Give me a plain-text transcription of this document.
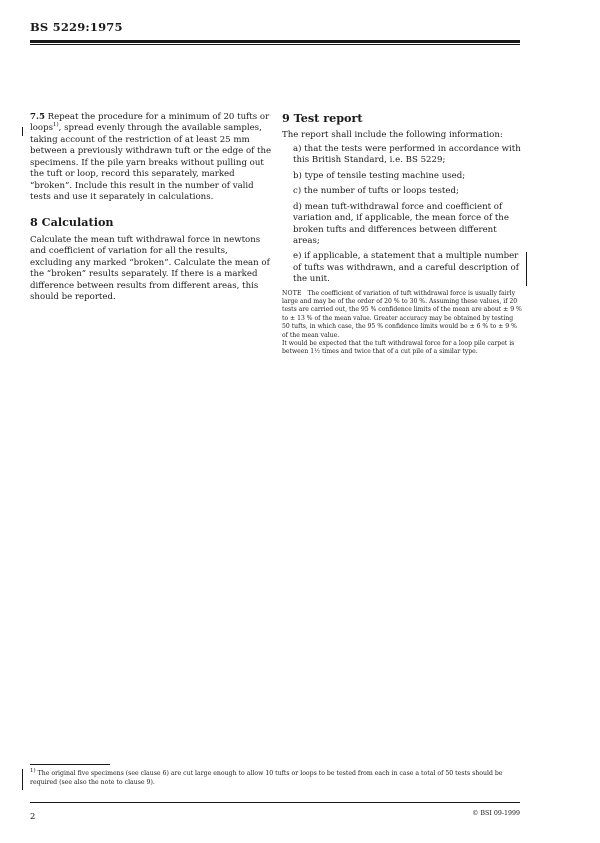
BS 5229:1975

7.5 Repeat the procedure for a minimum of 20 tufts or loops$^{1)}$, spread evenly through the available samples, taking account of the restriction of at least 25 mm between a previously withdrawn tuft or the edge of the specimens. If the pile yarn breaks without pulling out the tuft or loop, record this separately, marked “broken”. Include this result in the number of valid tests and use it separately in calculations.

8 Calculation

Calculate the mean tuft withdrawal force in newtons and coefficient of variation for all the results, excluding any marked “broken”. Calculate the mean of the “broken” results separately. If there is a marked difference between results from different areas, this should be reported.

9 Test report

The report shall include the following information:

a) that the tests were performed in accordance with this British Standard, i.e. BS 5229;
b) type of tensile testing machine used;
c) the number of tufts or loops tested;
d) mean tuft-withdrawal force and coefficient of variation and, if applicable, the mean force of the broken tufts and differences between different areas;
e) if applicable, a statement that a multiple number of tufts was withdrawn, and a careful description of the unit.

NOTE The coefficient of variation of tuft withdrawal force is usually fairly large and may be of the order of 20 % to 30 %. Assuming these values, if 20 tests are carried out, the 95 % confidence limits of the mean are about ± 9 % to ± 13 % of the mean value. Greater accuracy may be obtained by testing 50 tufts, in which case, the 95 % confidence limits would be ± 6 % to ± 9 % of the mean value.

It would be expected that the tuft withdrawal force for a loop pile carpet is between 1½ times and twice that of a cut pile of a similar type.

$^{1)}$ The original five specimens (see clause 6) are cut large enough to allow 10 tufts or loops to be tested from each in case a total of 50 tests should be required (see also the note to clause 9).
2	© BSI 09-1999
